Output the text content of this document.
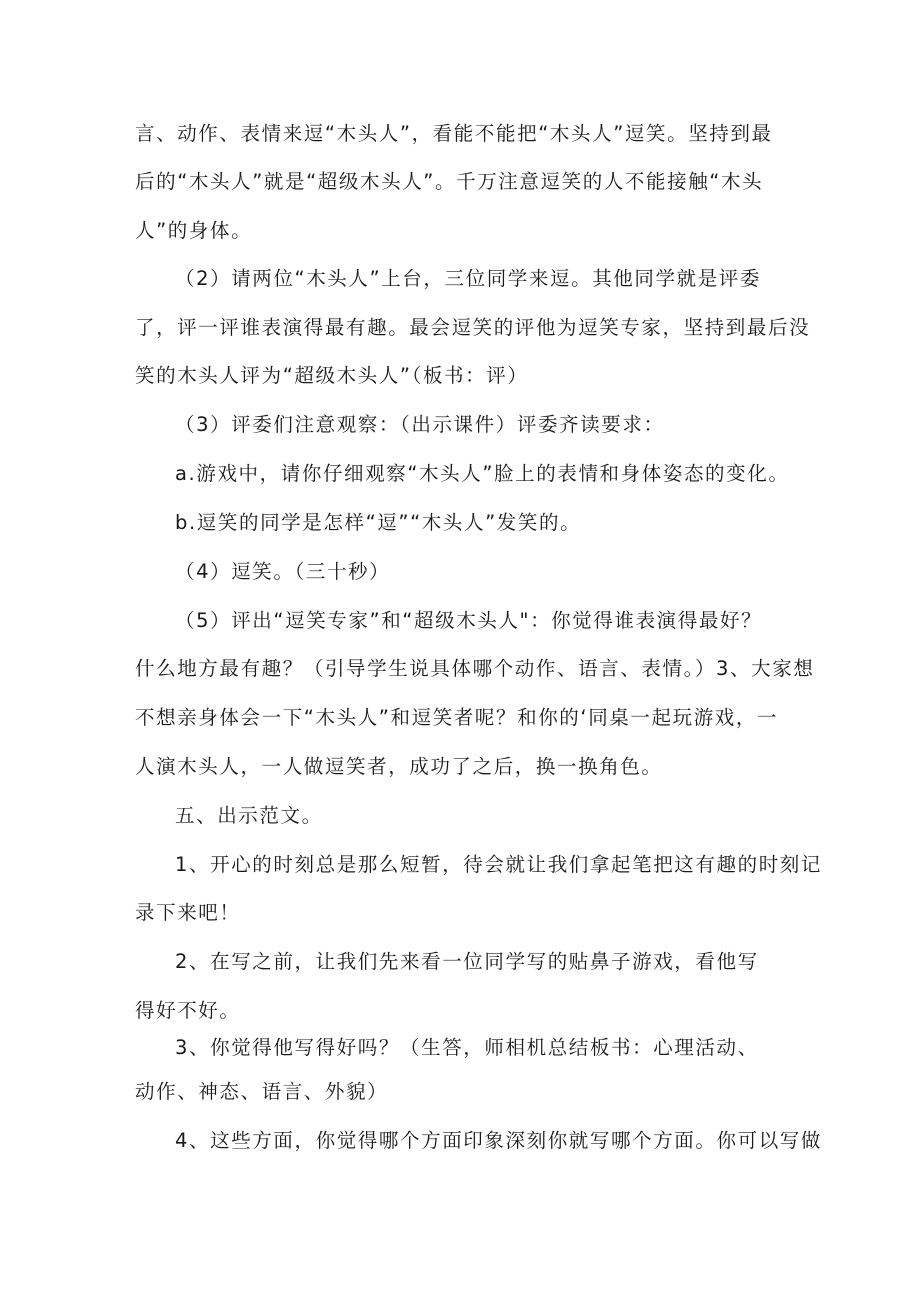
言、动作、表情来逗“木头人”，看能不能把“木头人”逗笑。坚持到最
后的“木头人”就是“超级木头人”。千万注意逗笑的人不能接触“木头
人”的身体。
（2）请两位“木头人”上台，三位同学来逗。其他同学就是评委
了，评一评谁表演得最有趣。最会逗笑的评他为逗笑专家，坚持到最后没
笑的木头人评为“超级木头人”（板书：评）
（3）评委们注意观察：（出示课件）评委齐读要求：
a.游戏中，请你仔细观察“木头人”脸上的表情和身体姿态的变化。
b.逗笑的同学是怎样“逗”“木头人”发笑的。
（4）逗笑。（三十秒）
（5）评出“逗笑专家”和“超级木头人"：你觉得谁表演得最好？
什么地方最有趣？（引导学生说具体哪个动作、语言、表情。）3、大家想
不想亲身体会一下“木头人”和逗笑者呢？和你的‘同桌一起玩游戏，一
人演木头人，一人做逗笑者，成功了之后，换一换角色。
五、出示范文。
1、开心的时刻总是那么短暂，待会就让我们拿起笔把这有趣的时刻记
录下来吧！
2、在写之前，让我们先来看一位同学写的贴鼻子游戏，看他写
得好不好。
3、你觉得他写得好吗？（生答，师相机总结板书：心理活动、
动作、神态、语言、外貌）
4、这些方面，你觉得哪个方面印象深刻你就写哪个方面。你可以写做
